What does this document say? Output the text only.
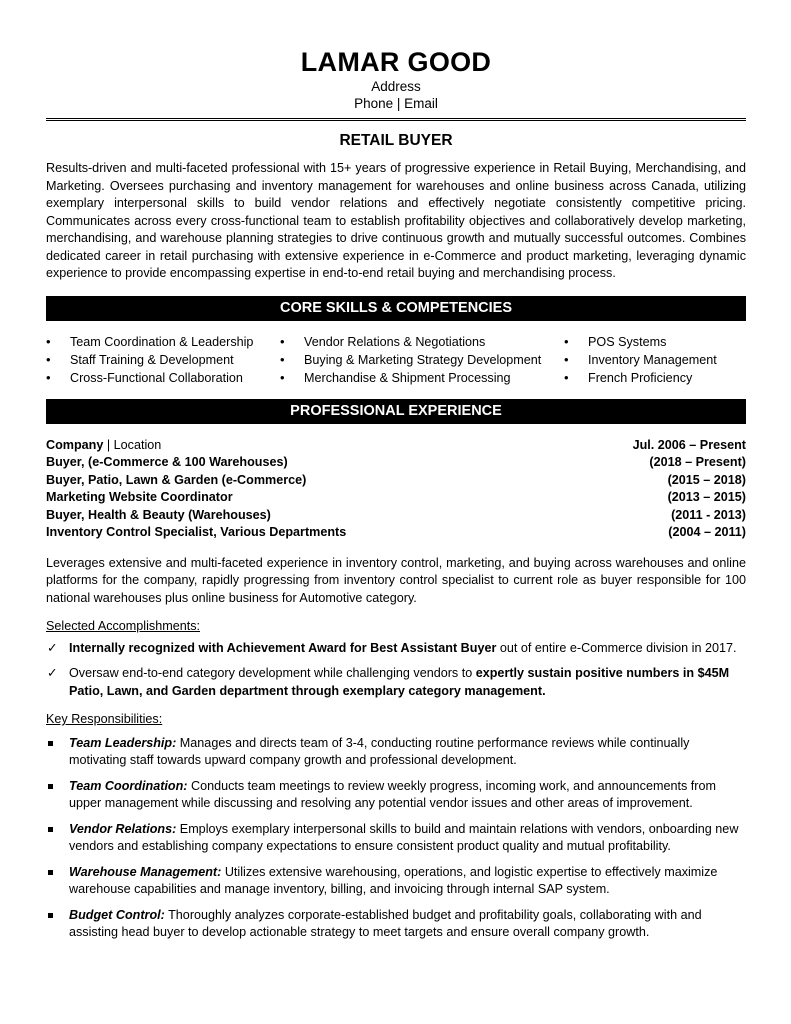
LAMAR GOOD
Address
Phone | Email
RETAIL BUYER
Results-driven and multi-faceted professional with 15+ years of progressive experience in Retail Buying, Merchandising, and Marketing. Oversees purchasing and inventory management for warehouses and online business across Canada, utilizing exemplary interpersonal skills to build vendor relations and effectively negotiate consistently competitive pricing. Communicates across every cross-functional team to establish profitability objectives and collaboratively develop marketing, merchandising, and warehouse planning strategies to drive continuous growth and mutually successful outcomes. Combines dedicated career in retail purchasing with extensive experience in e-Commerce and product marketing, leveraging dynamic experience to provide encompassing expertise in end-to-end retail buying and merchandising process.
CORE SKILLS & COMPETENCIES
• Team Coordination & Leadership
• Staff Training & Development
• Cross-Functional Collaboration
• Vendor Relations & Negotiations
• Buying & Marketing Strategy Development
• Merchandise & Shipment Processing
• POS Systems
• Inventory Management
• French Proficiency
PROFESSIONAL EXPERIENCE
Company | Location	Jul. 2006 – Present
Buyer, (e-Commerce & 100 Warehouses)	(2018 – Present)
Buyer, Patio, Lawn & Garden (e-Commerce)	(2015 – 2018)
Marketing Website Coordinator	(2013 – 2015)
Buyer, Health & Beauty (Warehouses)	(2011 - 2013)
Inventory Control Specialist, Various Departments	(2004 – 2011)
Leverages extensive and multi-faceted experience in inventory control, marketing, and buying across warehouses and online platforms for the company, rapidly progressing from inventory control specialist to current role as buyer responsible for 100 national warehouses plus online business for Automotive category.
Selected Accomplishments:
✓ Internally recognized with Achievement Award for Best Assistant Buyer out of entire e-Commerce division in 2017.
✓ Oversaw end-to-end category development while challenging vendors to expertly sustain positive numbers in $45M Patio, Lawn, and Garden department through exemplary category management.
Key Responsibilities:
Team Leadership: Manages and directs team of 3-4, conducting routine performance reviews while continually motivating staff towards upward company growth and professional development.
Team Coordination: Conducts team meetings to review weekly progress, incoming work, and announcements from upper management while discussing and resolving any potential vendor issues and other areas of improvement.
Vendor Relations: Employs exemplary interpersonal skills to build and maintain relations with vendors, onboarding new vendors and establishing company expectations to ensure consistent product quality and mutual profitability.
Warehouse Management: Utilizes extensive warehousing, operations, and logistic expertise to effectively maximize warehouse capabilities and manage inventory, billing, and invoicing through internal SAP system.
Budget Control: Thoroughly analyzes corporate-established budget and profitability goals, collaborating with and assisting head buyer to develop actionable strategy to meet targets and ensure overall company growth.
